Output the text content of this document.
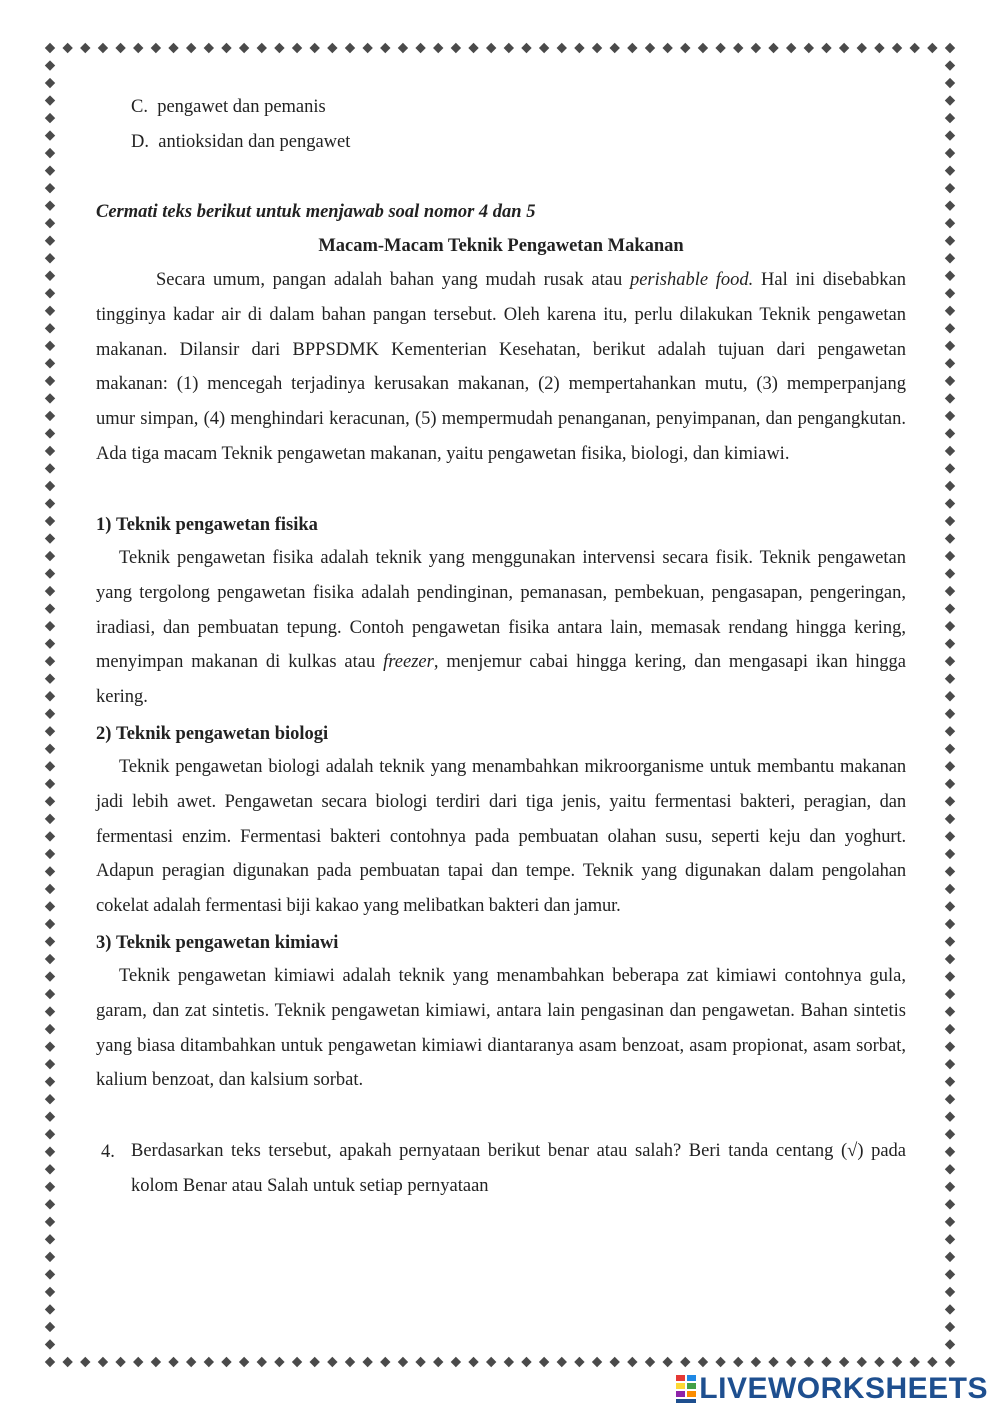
C. pengawet dan pemanis
D. antioksidan dan pengawet
Cermati teks berikut untuk menjawab soal nomor 4 dan 5
Macam-Macam Teknik Pengawetan Makanan
Secara umum, pangan adalah bahan yang mudah rusak atau perishable food. Hal ini disebabkan tingginya kadar air di dalam bahan pangan tersebut. Oleh karena itu, perlu dilakukan Teknik pengawetan makanan. Dilansir dari BPPSDMK Kementerian Kesehatan, berikut adalah tujuan dari pengawetan makanan: (1) mencegah terjadinya kerusakan makanan, (2) mempertahankan mutu, (3) memperpanjang umur simpan, (4) menghindari keracunan, (5) mempermudah penanganan, penyimpanan, dan pengangkutan. Ada tiga macam Teknik pengawetan makanan, yaitu pengawetan fisika, biologi, dan kimiawi.
1) Teknik pengawetan fisika
Teknik pengawetan fisika adalah teknik yang menggunakan intervensi secara fisik. Teknik pengawetan yang tergolong pengawetan fisika adalah pendinginan, pemanasan, pembekuan, pengasapan, pengeringan, iradiasi, dan pembuatan tepung. Contoh pengawetan fisika antara lain, memasak rendang hingga kering, menyimpan makanan di kulkas atau freezer, menjemur cabai hingga kering, dan mengasapi ikan hingga kering.
2) Teknik pengawetan biologi
Teknik pengawetan biologi adalah teknik yang menambahkan mikroorganisme untuk membantu makanan jadi lebih awet. Pengawetan secara biologi terdiri dari tiga jenis, yaitu fermentasi bakteri, peragian, dan fermentasi enzim. Fermentasi bakteri contohnya pada pembuatan olahan susu, seperti keju dan yoghurt. Adapun peragian digunakan pada pembuatan tapai dan tempe. Teknik yang digunakan dalam pengolahan cokelat adalah fermentasi biji kakao yang melibatkan bakteri dan jamur.
3) Teknik pengawetan kimiawi
Teknik pengawetan kimiawi adalah teknik yang menambahkan beberapa zat kimiawi contohnya gula, garam, dan zat sintetis. Teknik pengawetan kimiawi, antara lain pengasinan dan pengawetan. Bahan sintetis yang biasa ditambahkan untuk pengawetan kimiawi diantaranya asam benzoat, asam propionat, asam sorbat, kalium benzoat, dan kalsium sorbat.
4. Berdasarkan teks tersebut, apakah pernyataan berikut benar atau salah? Beri tanda centang (√) pada kolom Benar atau Salah untuk setiap pernyataan
LIVEWORKSHEETS
